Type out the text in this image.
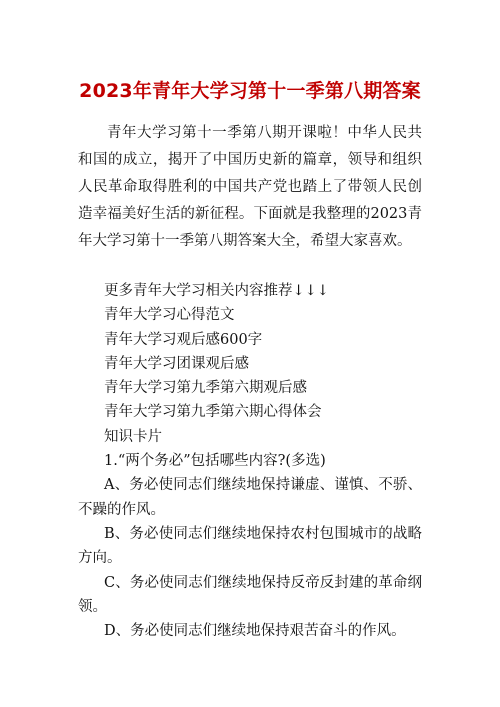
2023年青年大学习第十一季第八期答案
青年大学习第十一季第八期开课啦！中华人民共和国的成立，揭开了中国历史新的篇章，领导和组织人民革命取得胜利的中国共产党也踏上了带领人民创造幸福美好生活的新征程。下面就是我整理的2023青年大学习第十一季第八期答案大全，希望大家喜欢。
更多青年大学习相关内容推荐↓↓↓
青年大学习心得范文
青年大学习观后感600字
青年大学习团课观后感
青年大学习第九季第六期观后感
青年大学习第九季第六期心得体会
知识卡片
1.“两个务必”包括哪些内容?(多选)
A、务必使同志们继续地保持谦虚、谨慎、不骄、不躁的作风。
B、务必使同志们继续地保持农村包围城市的战略方向。
C、务必使同志们继续地保持反帝反封建的革命纲领。
D、务必使同志们继续地保持艰苦奋斗的作风。
